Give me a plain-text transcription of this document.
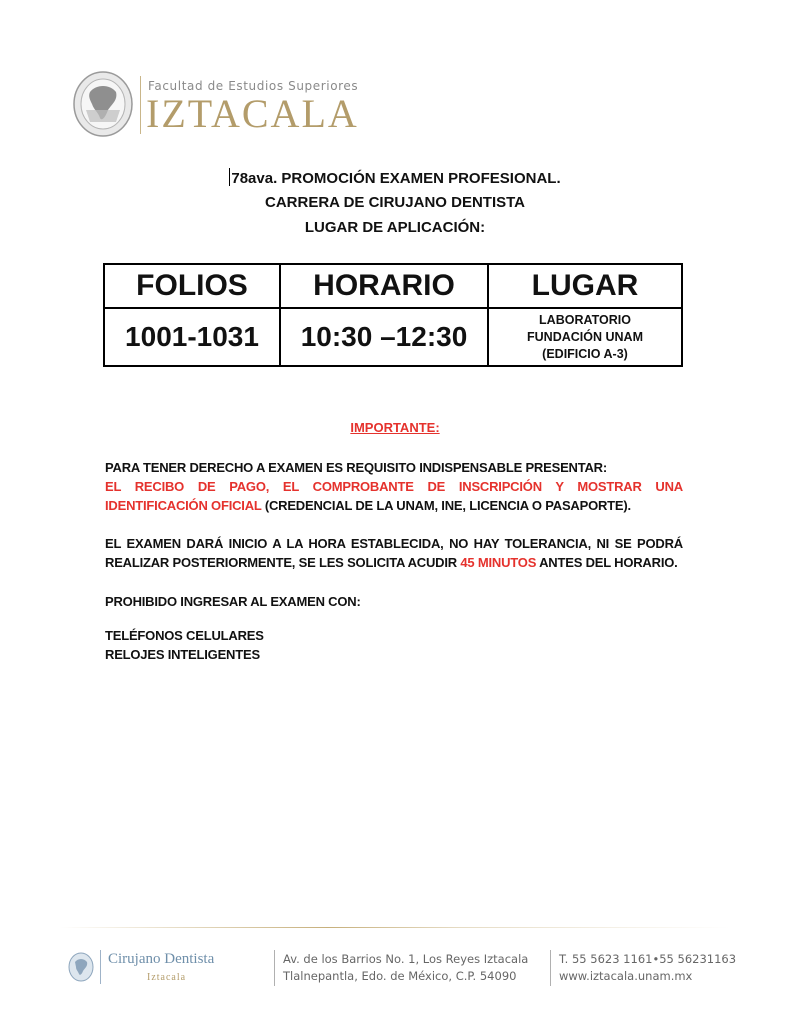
Facultad de Estudios Superiores
IZTACALA
78ava. PROMOCIÓN EXAMEN PROFESIONAL.
CARRERA DE CIRUJANO DENTISTA
LUGAR DE APLICACIÓN:
FOLIOS	HORARIO	LUGAR
1001-1031	10:30 –12:30	LABORATORIO
FUNDACIÓN UNAM
(EDIFICIO A-3)
IMPORTANTE:
PARA TENER DERECHO A EXAMEN ES REQUISITO INDISPENSABLE PRESENTAR:
EL RECIBO DE PAGO, EL COMPROBANTE DE INSCRIPCIÓN Y MOSTRAR UNA IDENTIFICACIÓN OFICIAL (CREDENCIAL DE LA UNAM, INE, LICENCIA O PASAPORTE).
EL EXAMEN DARÁ INICIO A LA HORA ESTABLECIDA, NO HAY TOLERANCIA, NI SE PODRÁ REALIZAR POSTERIORMENTE, SE LES SOLICITA ACUDIR 45 MINUTOS ANTES DEL HORARIO.
PROHIBIDO INGRESAR AL EXAMEN CON:
TELÉFONOS CELULARES
RELOJES INTELIGENTES
Cirujano Dentista
Iztacala
Av. de los Barrios No. 1, Los Reyes Iztacala
Tlalnepantla, Edo. de México, C.P. 54090
T. 55 5623 1161•55 56231163
www.iztacala.unam.mx
